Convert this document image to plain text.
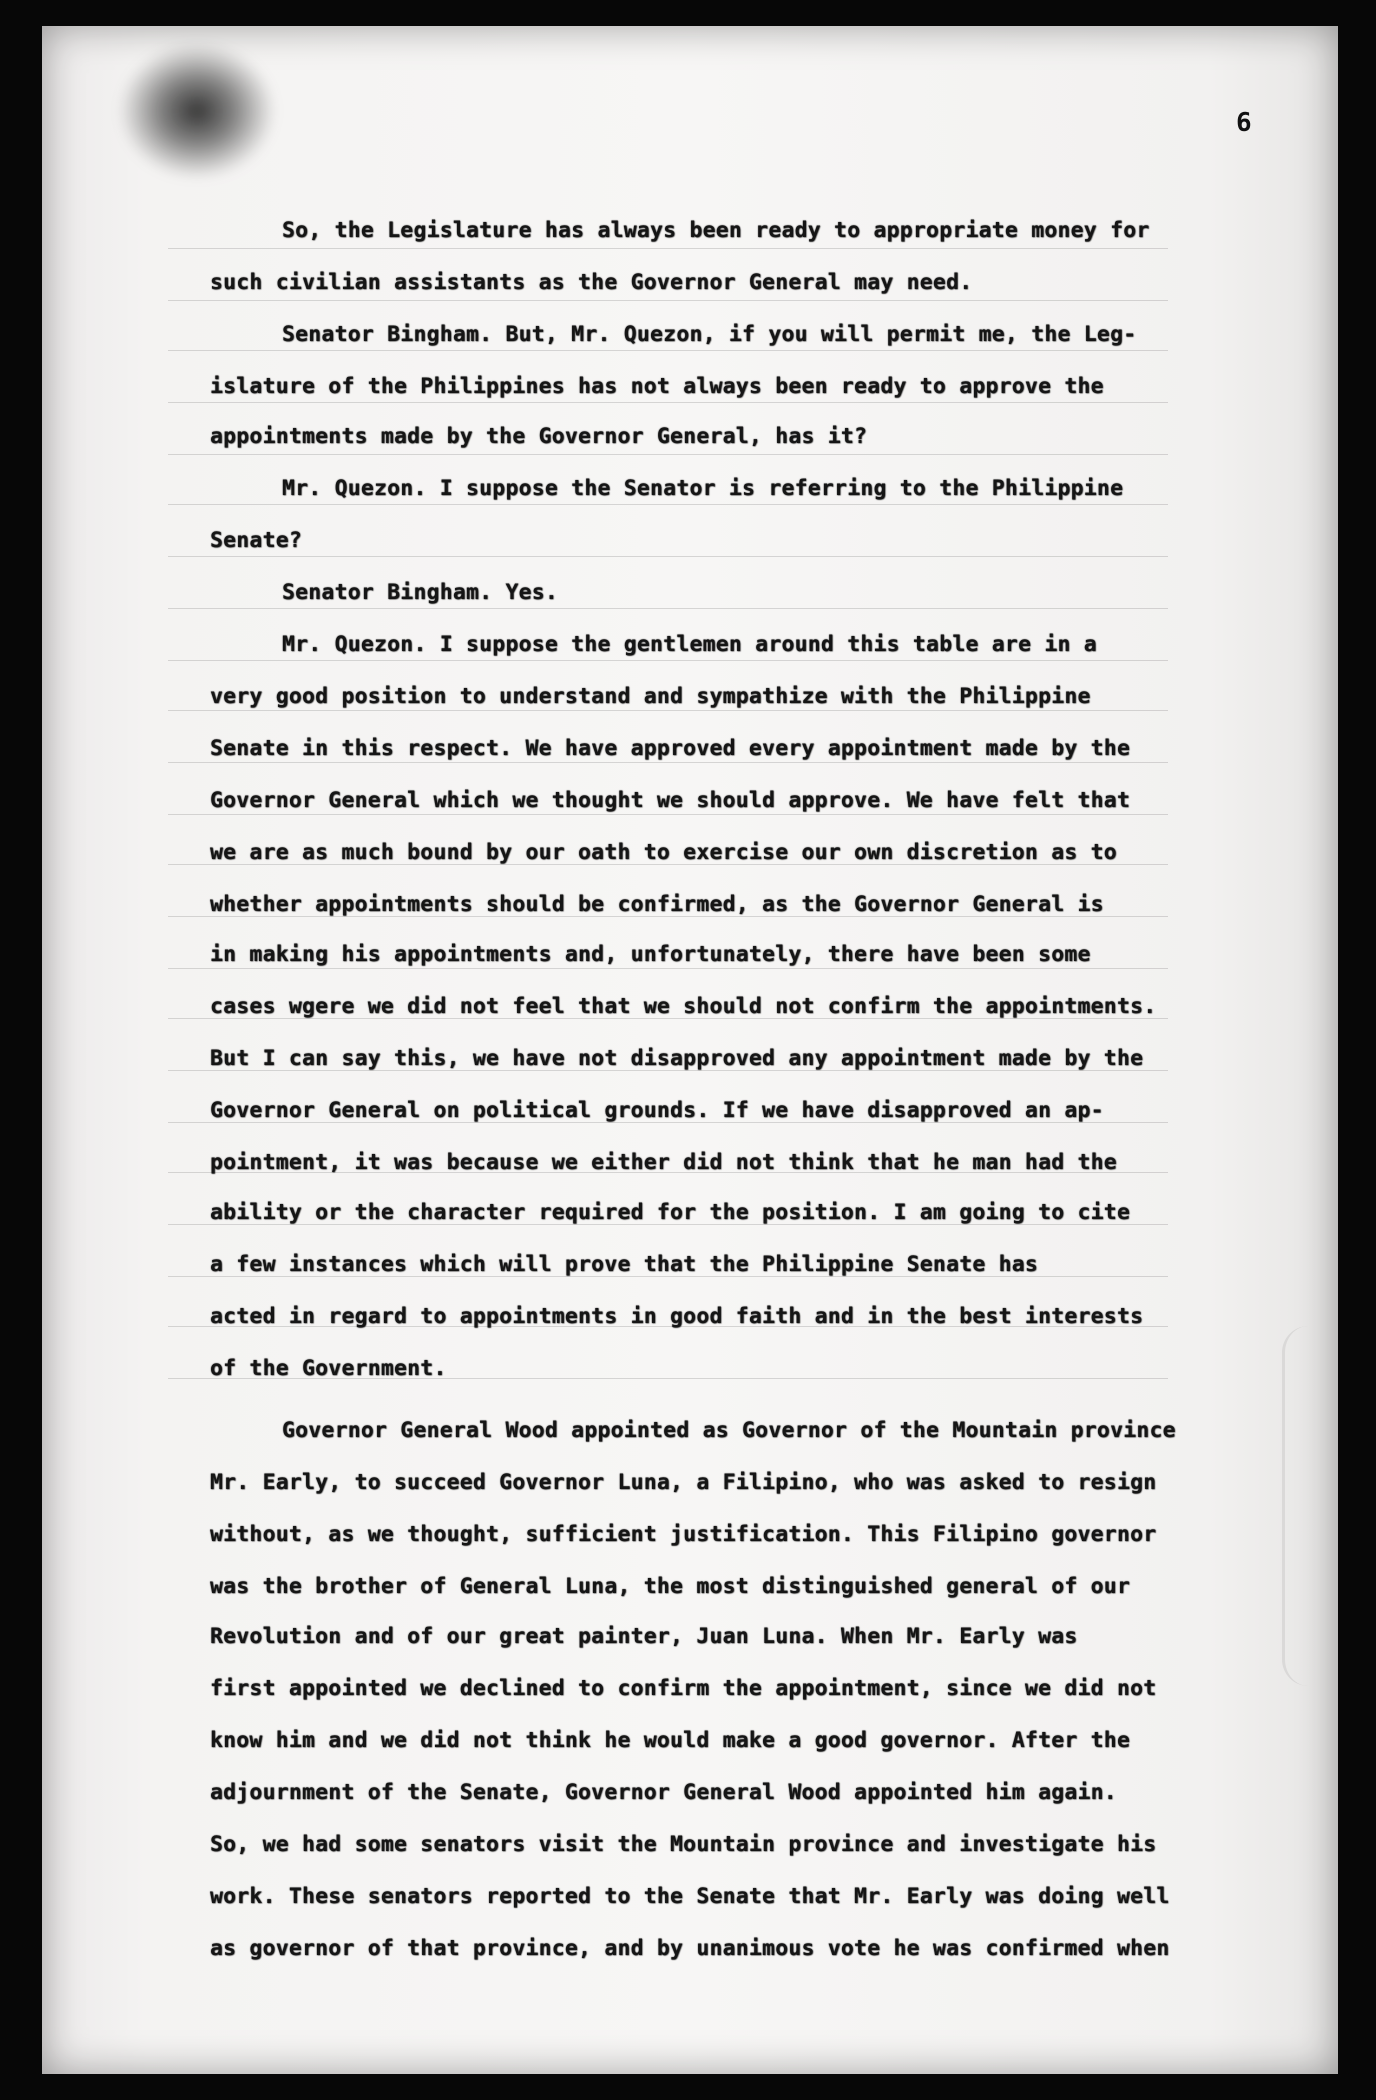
6
So, the Legislature has always been ready to appropriate money for
such civilian assistants as the Governor General may need.
Senator Bingham. But, Mr. Quezon, if you will permit me, the Leg-
islature of the Philippines has not always been ready to approve the
appointments made by the Governor General, has it?
Mr. Quezon. I suppose the Senator is referring to the Philippine
Senate?
Senator Bingham. Yes.
Mr. Quezon. I suppose the gentlemen around this table are in a
very good position to understand and sympathize with the Philippine
Senate in this respect. We have approved every appointment made by the
Governor General which we thought we should approve. We have felt that
we are as much bound by our oath to exercise our own discretion as to
whether appointments should be confirmed, as the Governor General is
in making his appointments and, unfortunately, there have been some
cases wgere we did not feel that we should not confirm the appointments.
But I can say this, we have not disapproved any appointment made by the
Governor General on political grounds. If we have disapproved an ap-
pointment, it was because we either did not think that he man had the
ability or the character required for the position. I am going to cite
a few instances which will prove that the Philippine Senate has
acted in regard to appointments in good faith and in the best interests
of the Government.
Governor General Wood appointed as Governor of the Mountain province
Mr. Early, to succeed Governor Luna, a Filipino, who was asked to resign
without, as we thought, sufficient justification. This Filipino governor
was the brother of General Luna, the most distinguished general of our
Revolution and of our great painter, Juan Luna. When Mr. Early was
first appointed we declined to confirm the appointment, since we did not
know him and we did not think he would make a good governor. After the
adjournment of the Senate, Governor General Wood appointed him again.
So, we had some senators visit the Mountain province and investigate his
work. These senators reported to the Senate that Mr. Early was doing well
as governor of that province, and by unanimous vote he was confirmed when
